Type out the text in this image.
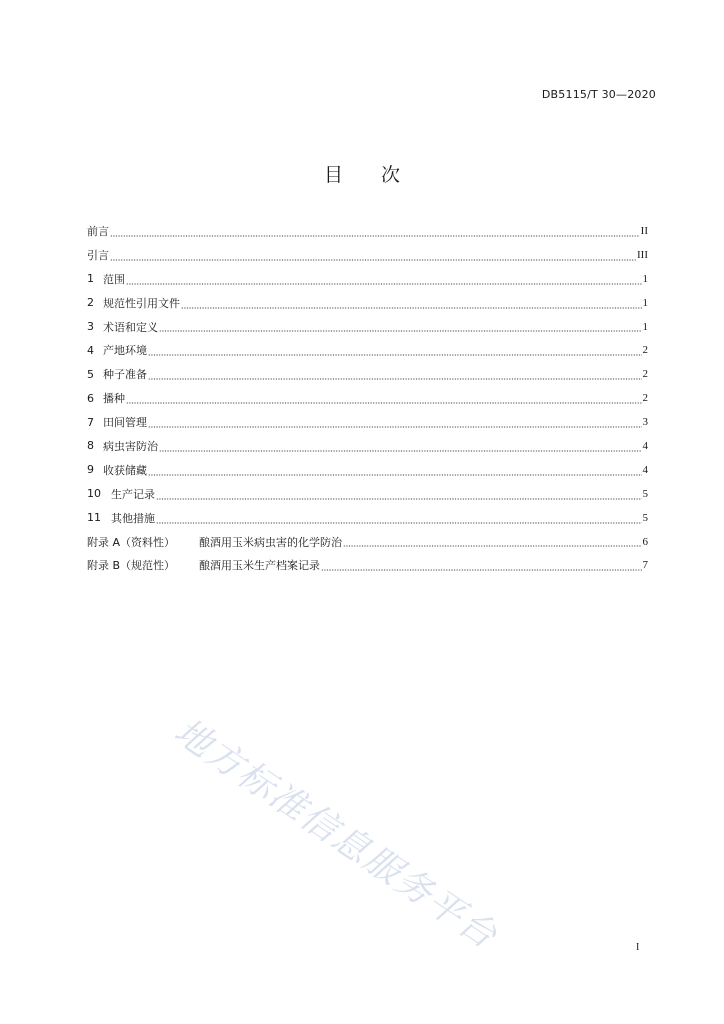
DB5115/T 30—2020
目次
前言	II
引言	III
1 范围	1
2 规范性引用文件	1
3 术语和定义	1
4 产地环境	2
5 种子准备	2
6 播种	2
7 田间管理	3
8 病虫害防治	4
9 收获储藏	4
10 生产记录	5
11 其他措施	5
附录 A（资料性）	酿酒用玉米病虫害的化学防治	6
附录 B（规范性）	酿酒用玉米生产档案记录	7
地方标准信息服务平台	I
